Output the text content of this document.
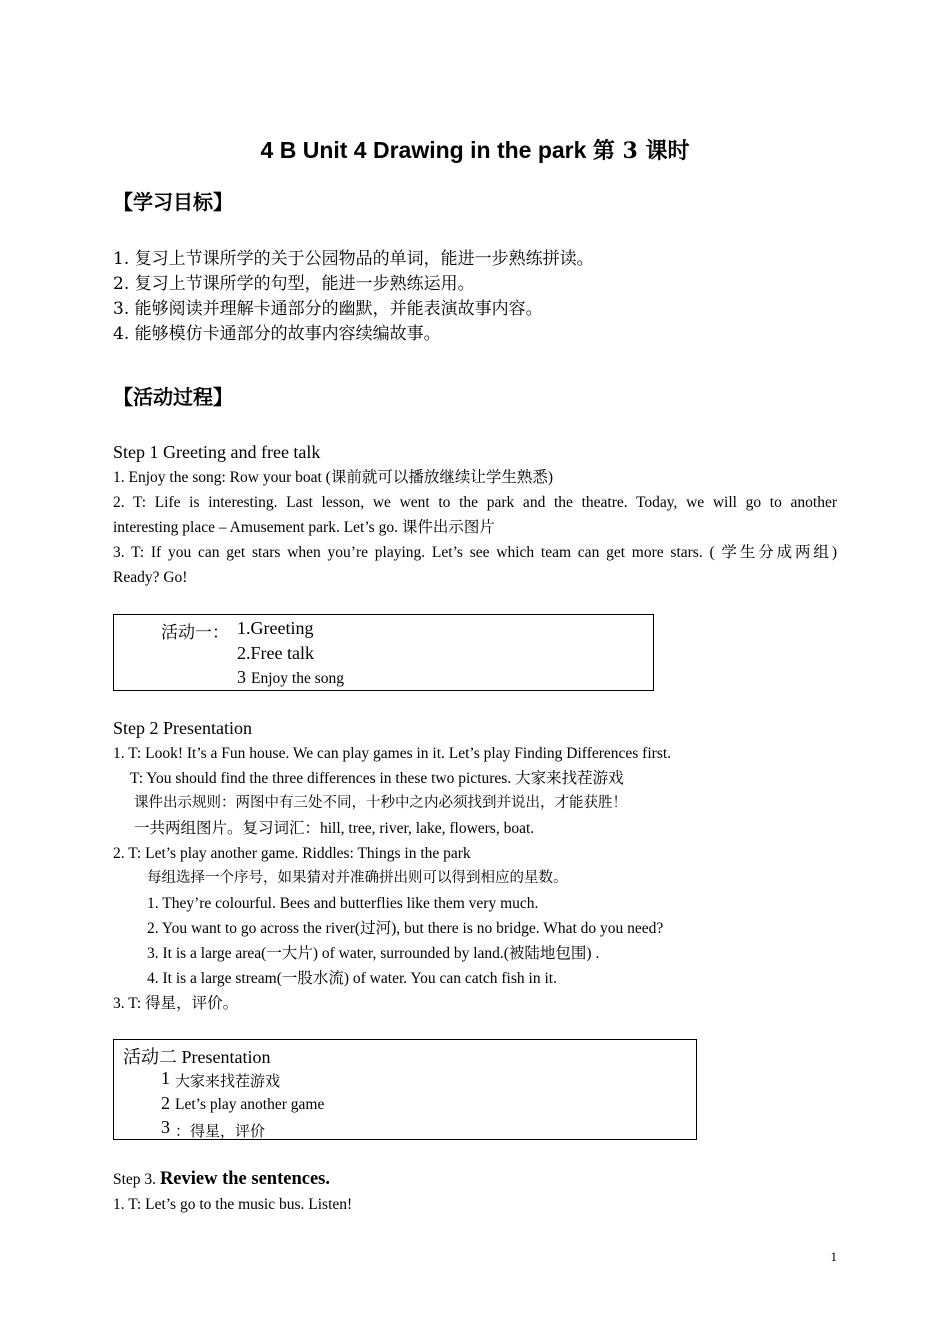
4 B Unit 4 Drawing in the park 第 3 课时
【学习目标】
1. 复习上节课所学的关于公园物品的单词，能进一步熟练拼读。
2. 复习上节课所学的句型，能进一步熟练运用。
3. 能够阅读并理解卡通部分的幽默，并能表演故事内容。
4. 能够模仿卡通部分的故事内容续编故事。
【活动过程】
Step 1 Greeting and free talk
1. Enjoy the song: Row your boat (课前就可以播放继续让学生熟悉)
2. T: Life is interesting. Last lesson, we went to the park and the theatre. Today, we will go to another
interesting place – Amusement park. Let’s go. 课件出示图片
3. T: If you can get stars when you’re playing. Let’s see which team can get more stars. ( 学生分成两组)
Ready? Go!
活动一： 1.Greeting
2.Free talk
3 Enjoy the song
Step 2 Presentation
1. T: Look! It’s a Fun house. We can play games in it. Let’s play Finding Differences first.
T: You should find the three differences in these two pictures. 大家来找茬游戏
课件出示规则：两图中有三处不同，十秒中之内必须找到并说出，才能获胜！
一共两组图片。复习词汇：hill, tree, river, lake, flowers, boat.
2. T: Let’s play another game. Riddles: Things in the park
每组选择一个序号，如果猜对并准确拼出则可以得到相应的星数。
1. They’re colourful. Bees and butterflies like them very much.
2. You want to go across the river(过河), but there is no bridge. What do you need?
3. It is a large area(一大片) of water, surrounded by land.(被陆地包围) .
4. It is a large stream(一股水流) of water. You can catch fish in it.
3. T: 得星，评价。
活动二 Presentation
1 大家来找茬游戏
2 Let’s play another game
3 ：得星，评价
Step 3. Review the sentences.
1. T: Let’s go to the music bus. Listen!
1
